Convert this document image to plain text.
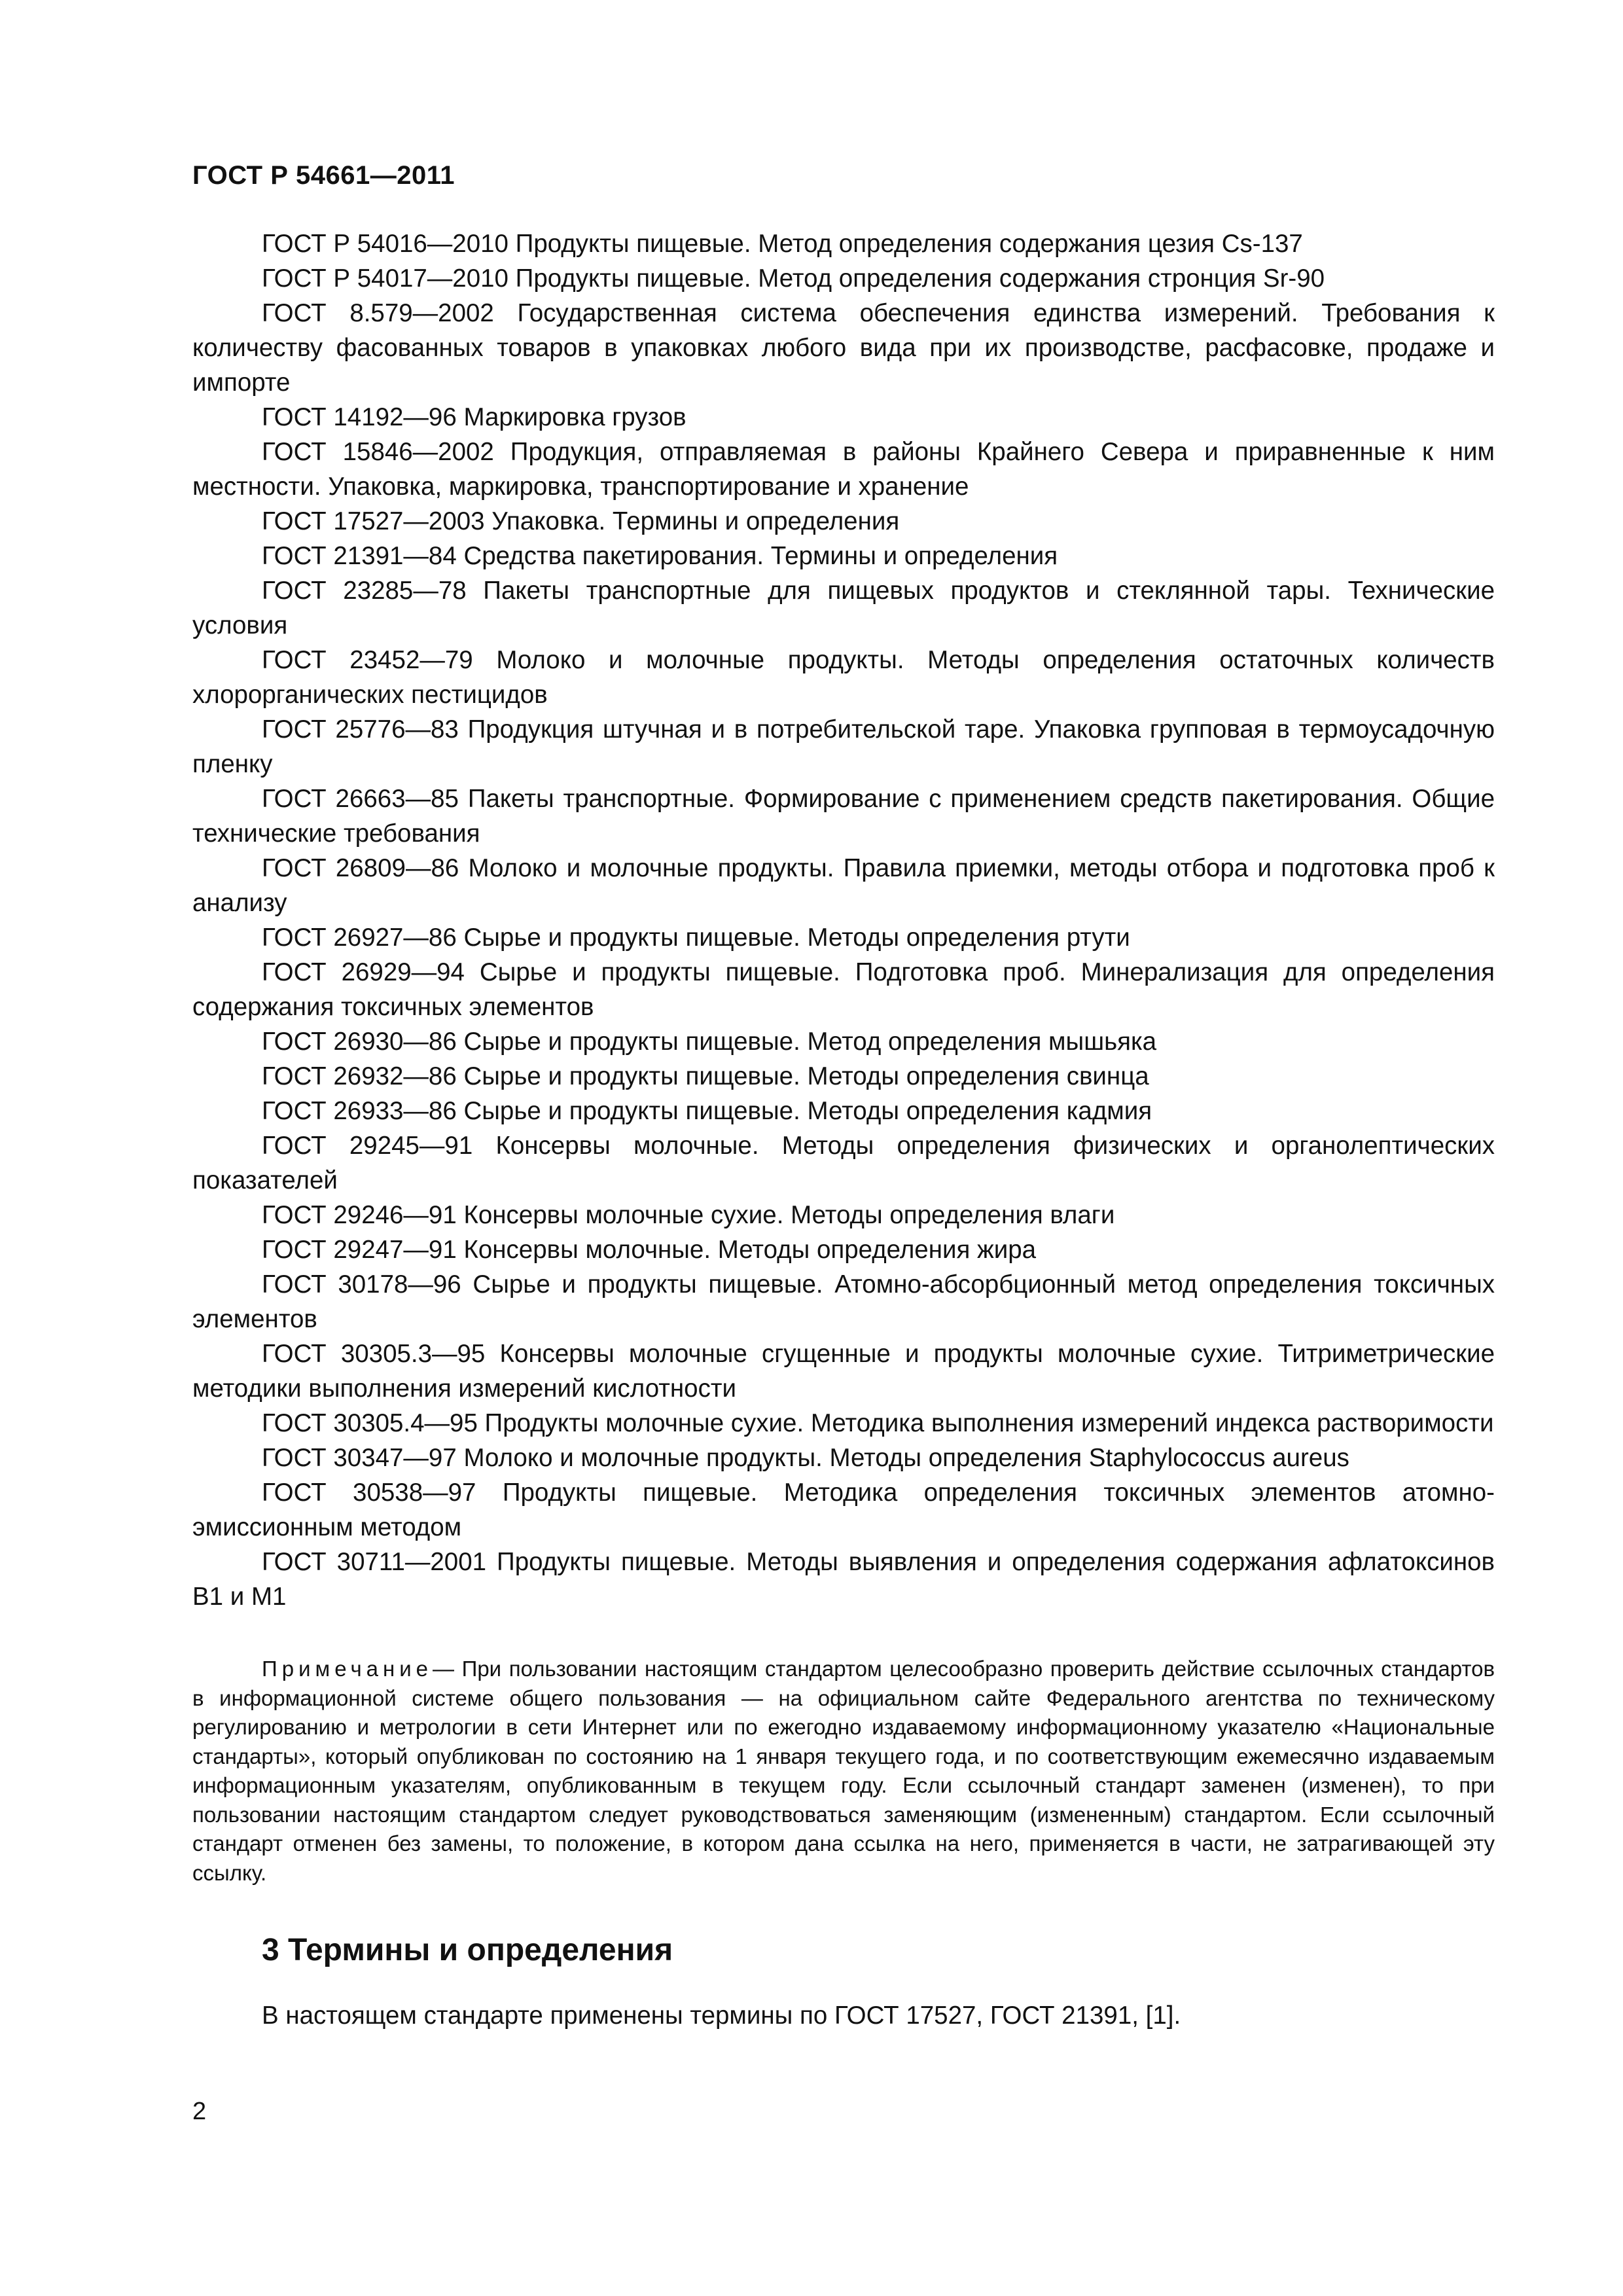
ГОСТ Р 54661—2011

ГОСТ Р 54016—2010 Продукты пищевые. Метод определения содержания цезия Cs-137

ГОСТ Р 54017—2010 Продукты пищевые. Метод определения содержания стронция Sr-90

ГОСТ 8.579—2002 Государственная система обеспечения единства измерений. Требования к количеству фасованных товаров в упаковках любого вида при их производстве, расфасовке, продаже и импорте

ГОСТ 14192—96 Маркировка грузов

ГОСТ 15846—2002 Продукция, отправляемая в районы Крайнего Севера и приравненные к ним местности. Упаковка, маркировка, транспортирование и хранение

ГОСТ 17527—2003 Упаковка. Термины и определения

ГОСТ 21391—84 Средства пакетирования. Термины и определения

ГОСТ 23285—78 Пакеты транспортные для пищевых продуктов и стеклянной тары. Технические условия

ГОСТ 23452—79 Молоко и молочные продукты. Методы определения остаточных количеств хлорорганических пестицидов

ГОСТ 25776—83 Продукция штучная и в потребительской таре. Упаковка групповая в термоусадочную пленку

ГОСТ 26663—85 Пакеты транспортные. Формирование с применением средств пакетирования. Общие технические требования

ГОСТ 26809—86 Молоко и молочные продукты. Правила приемки, методы отбора и подготовка проб к анализу

ГОСТ 26927—86 Сырье и продукты пищевые. Методы определения ртути

ГОСТ 26929—94 Сырье и продукты пищевые. Подготовка проб. Минерализация для определения содержания токсичных элементов

ГОСТ 26930—86 Сырье и продукты пищевые. Метод определения мышьяка

ГОСТ 26932—86 Сырье и продукты пищевые. Методы определения свинца

ГОСТ 26933—86 Сырье и продукты пищевые. Методы определения кадмия

ГОСТ 29245—91 Консервы молочные. Методы определения физических и органолептических показателей

ГОСТ 29246—91 Консервы молочные сухие. Методы определения влаги

ГОСТ 29247—91 Консервы молочные. Методы определения жира

ГОСТ 30178—96 Сырье и продукты пищевые. Атомно-абсорбционный метод определения токсичных элементов

ГОСТ 30305.3—95 Консервы молочные сгущенные и продукты молочные сухие. Титриметрические методики выполнения измерений кислотности

ГОСТ 30305.4—95 Продукты молочные сухие. Методика выполнения измерений индекса растворимости

ГОСТ 30347—97 Молоко и молочные продукты. Методы определения Staphylococcus aureus

ГОСТ 30538—97 Продукты пищевые. Методика определения токсичных элементов атомно-эмиссионным методом

ГОСТ 30711—2001 Продукты пищевые. Методы выявления и определения содержания афлатоксинов В1 и М1

Примечание— При пользовании настоящим стандартом целесообразно проверить действие ссылочных стандартов в информационной системе общего пользования — на официальном сайте Федерального агентства по техническому регулированию и метрологии в сети Интернет или по ежегодно издаваемому информационному указателю «Национальные стандарты», который опубликован по состоянию на 1 января текущего года, и по соответствующим ежемесячно издаваемым информационным указателям, опубликованным в текущем году. Если ссылочный стандарт заменен (изменен), то при пользовании настоящим стандартом следует руководствоваться заменяющим (измененным) стандартом. Если ссылочный стандарт отменен без замены, то положение, в котором дана ссылка на него, применяется в части, не затрагивающей эту ссылку.

3 Термины и определения
В настоящем стандарте применены термины по ГОСТ 17527, ГОСТ 21391, [1].
2
